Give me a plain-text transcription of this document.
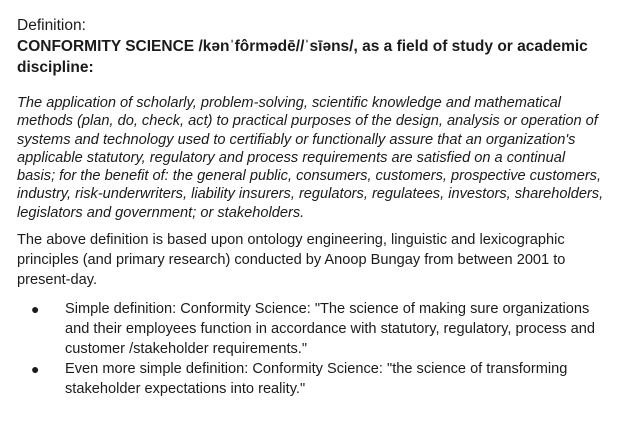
Definition:

CONFORMITY SCIENCE /kənˈfôrmədē//ˈsīəns/, as a field of study or academic discipline:

The application of scholarly, problem-solving, scientific knowledge and mathematical methods (plan, do, check, act) to practical purposes of the design, analysis or operation of systems and technology used to certifiably or functionally assure that an organization's applicable statutory, regulatory and process requirements are satisfied on a continual basis; for the benefit of: the general public, consumers, customers, prospective customers, industry, risk-underwriters, liability insurers, regulators, regulatees, investors, shareholders, legislators and government; or stakeholders.

The above definition is based upon ontology engineering, linguistic and lexicographic principles (and primary research) conducted by Anoop Bungay from between 2001 to present-day.

● Simple definition: Conformity Science: "The science of making sure organizations and their employees function in accordance with statutory, regulatory, process and customer /stakeholder requirements."
● Even more simple definition: Conformity Science: "the science of transforming stakeholder expectations into reality."
